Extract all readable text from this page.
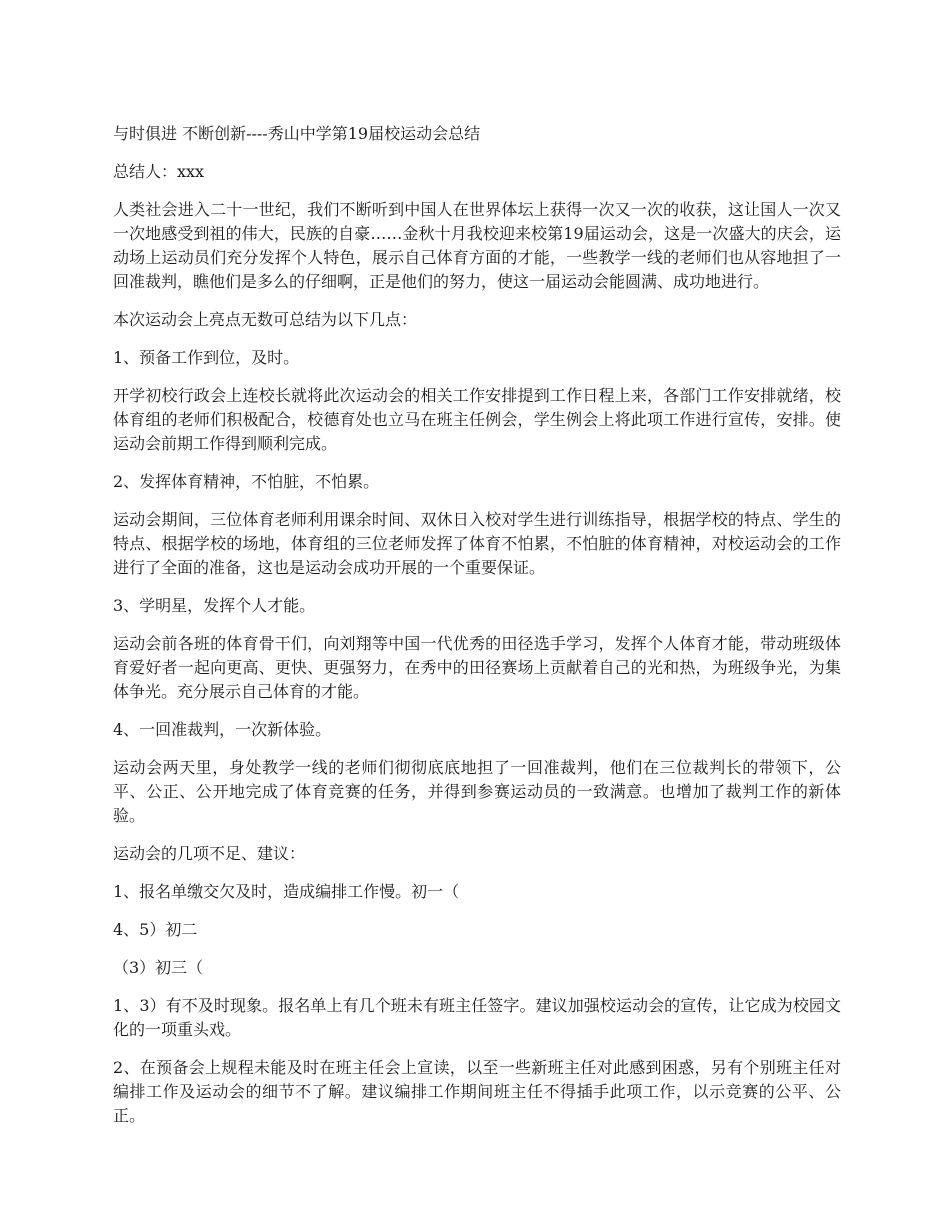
与时俱进 不断创新----秀山中学第19届校运动会总结

总结人：xxx

人类社会进入二十一世纪，我们不断听到中国人在世界体坛上获得一次又一次的收获，这让国人一次又一次地感受到祖的伟大，民族的自豪……金秋十月我校迎来校第19届运动会，这是一次盛大的庆会，运动场上运动员们充分发挥个人特色，展示自己体育方面的才能，一些教学一线的老师们也从容地担了一回准裁判，瞧他们是多么的仔细啊，正是他们的努力，使这一届运动会能圆满、成功地进行。

本次运动会上亮点无数可总结为以下几点：

1、预备工作到位，及时。

开学初校行政会上连校长就将此次运动会的相关工作安排提到工作日程上来，各部门工作安排就绪，校体育组的老师们积极配合，校德育处也立马在班主任例会，学生例会上将此项工作进行宣传，安排。使运动会前期工作得到顺利完成。

2、发挥体育精神，不怕脏，不怕累。

运动会期间，三位体育老师利用课余时间、双休日入校对学生进行训练指导，根据学校的特点、学生的特点、根据学校的场地，体育组的三位老师发挥了体育不怕累，不怕脏的体育精神，对校运动会的工作进行了全面的准备，这也是运动会成功开展的一个重要保证。

3、学明星，发挥个人才能。

运动会前各班的体育骨干们，向刘翔等中国一代优秀的田径选手学习，发挥个人体育才能，带动班级体育爱好者一起向更高、更快、更强努力，在秀中的田径赛场上贡献着自己的光和热，为班级争光，为集体争光。充分展示自己体育的才能。

4、一回准裁判，一次新体验。

运动会两天里，身处教学一线的老师们彻彻底底地担了一回准裁判，他们在三位裁判长的带领下，公平、公正、公开地完成了体育竞赛的任务，并得到参赛运动员的一致满意。也增加了裁判工作的新体验。

运动会的几项不足、建议：

1、报名单缴交欠及时，造成编排工作慢。初一（

4、5）初二

（3）初三（

1、3）有不及时现象。报名单上有几个班未有班主任签字。建议加强校运动会的宣传，让它成为校园文化的一项重头戏。

2、在预备会上规程未能及时在班主任会上宣读，以至一些新班主任对此感到困惑，另有个别班主任对编排工作及运动会的细节不了解。建议编排工作期间班主任不得插手此项工作，以示竞赛的公平、公正。
